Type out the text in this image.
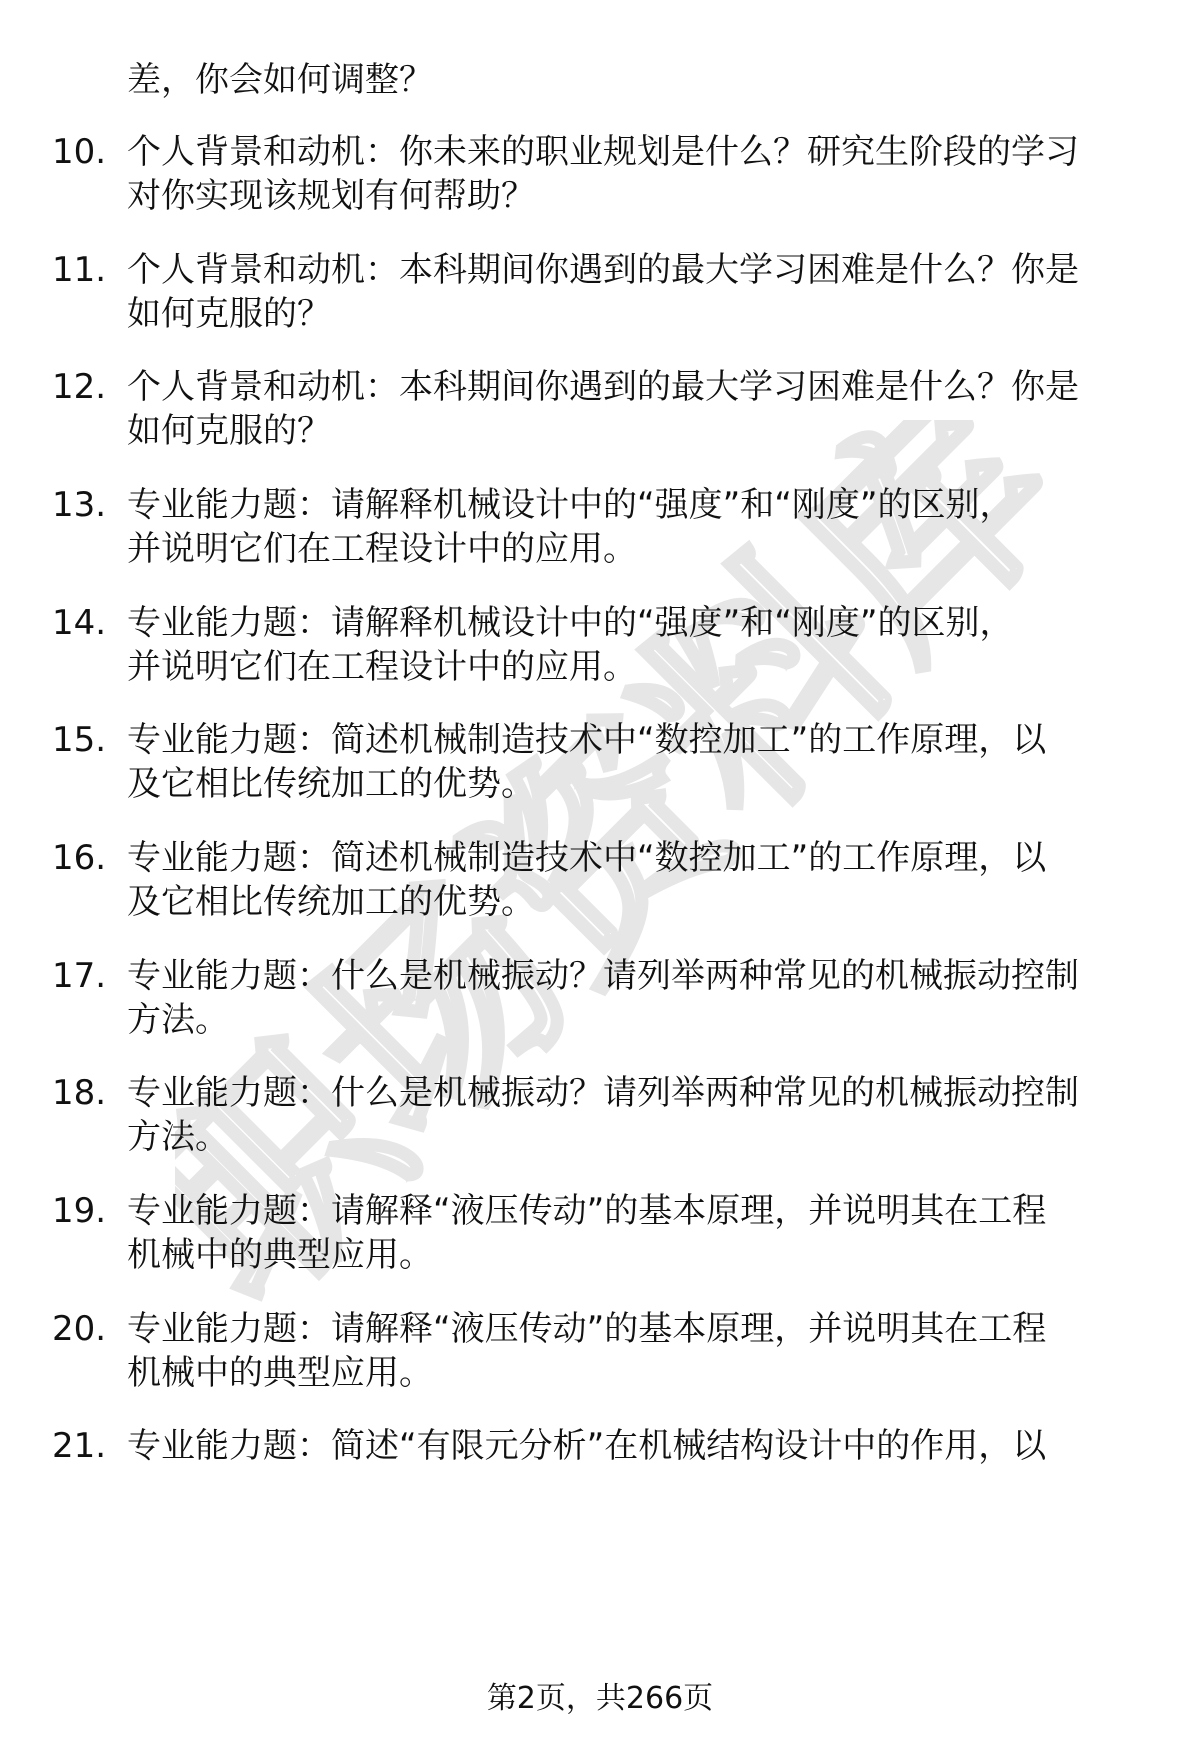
职场资料库
差，你会如何调整？
10. 个人背景和动机：你未来的职业规划是什么？研究生阶段的学习
对你实现该规划有何帮助？
11. 个人背景和动机：本科期间你遇到的最大学习困难是什么？你是
如何克服的？
12. 个人背景和动机：本科期间你遇到的最大学习困难是什么？你是
如何克服的？
13. 专业能力题：请解释机械设计中的“强度”和“刚度”的区别，
并说明它们在工程设计中的应用。
14. 专业能力题：请解释机械设计中的“强度”和“刚度”的区别，
并说明它们在工程设计中的应用。
15. 专业能力题：简述机械制造技术中“数控加工”的工作原理，以
及它相比传统加工的优势。
16. 专业能力题：简述机械制造技术中“数控加工”的工作原理，以
及它相比传统加工的优势。
17. 专业能力题：什么是机械振动？请列举两种常见的机械振动控制
方法。
18. 专业能力题：什么是机械振动？请列举两种常见的机械振动控制
方法。
19. 专业能力题：请解释“液压传动”的基本原理，并说明其在工程
机械中的典型应用。
20. 专业能力题：请解释“液压传动”的基本原理，并说明其在工程
机械中的典型应用。
21. 专业能力题：简述“有限元分析”在机械结构设计中的作用，以
第2页，共266页
